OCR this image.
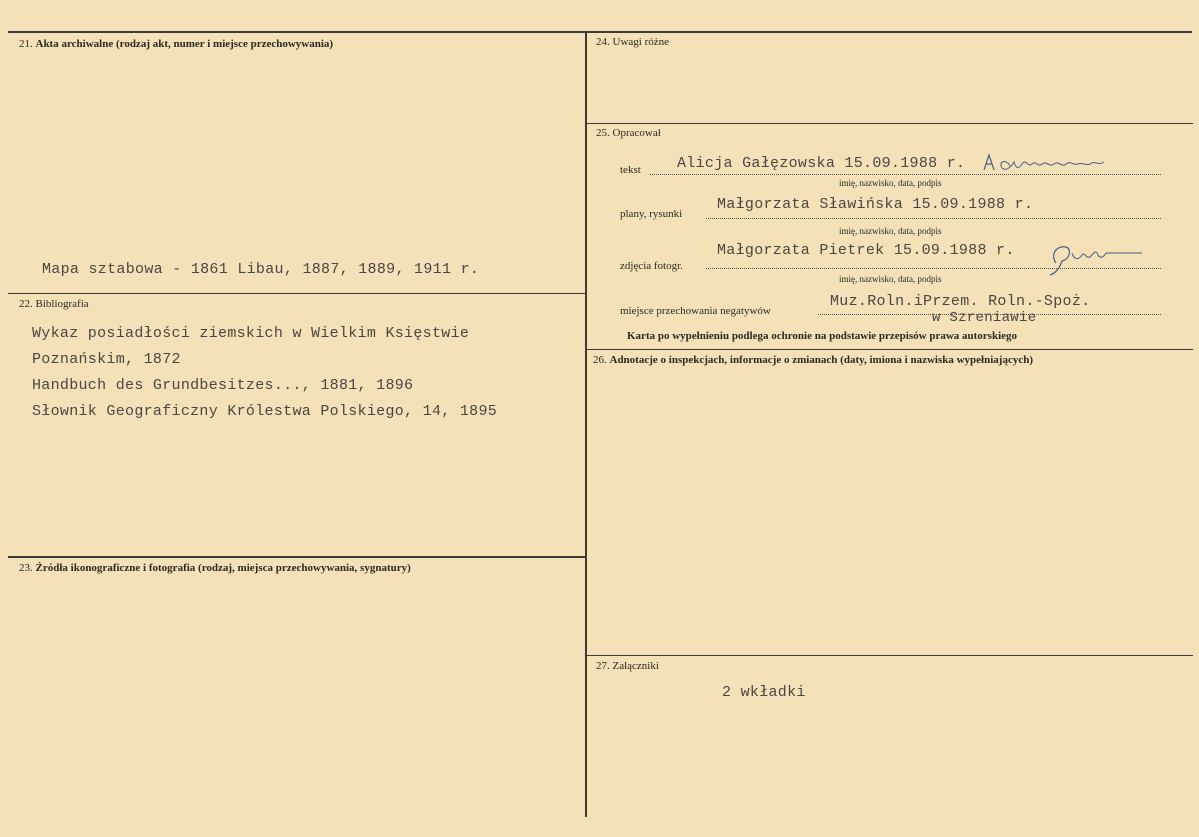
21. Akta archiwalne (rodzaj akt, numer i miejsce przechowywania)
Mapa sztabowa - 1861 Libau, 1887, 1889, 1911 r.
22. Bibliografia
Wykaz posiadłości ziemskich w Wielkim Księstwie
Poznańskim, 1872
Handbuch des Grundbesitzes..., 1881, 1896
Słownik Geograficzny Królestwa Polskiego, 14, 1895
23. Źródła ikonograficzne i fotografia (rodzaj, miejsca przechowywania, sygnatury)
24. Uwagi różne
25. Opracował
tekst Alicja Gałęzowska 15.09.1988 r.
imię, nazwisko, data, podpis
plany, rysunki
Małgorzata Sławińska 15.09.1988 r.
imię, nazwisko, data, podpis
zdjęcia fotogr.
Małgorzata Pietrek 15.09.1988 r.
imię, nazwisko, data, podpis
miejsce przechowania negatywów
Muz.Roln.iPrzem. Roln.-Spoż.
w Szreniawie
Karta po wypełnieniu podlega ochronie na podstawie przepisów prawa autorskiego
26. Adnotacje o inspekcjach, informacje o zmianach (daty, imiona i nazwiska wypełniających)
27. Załączniki
2 wkładki
